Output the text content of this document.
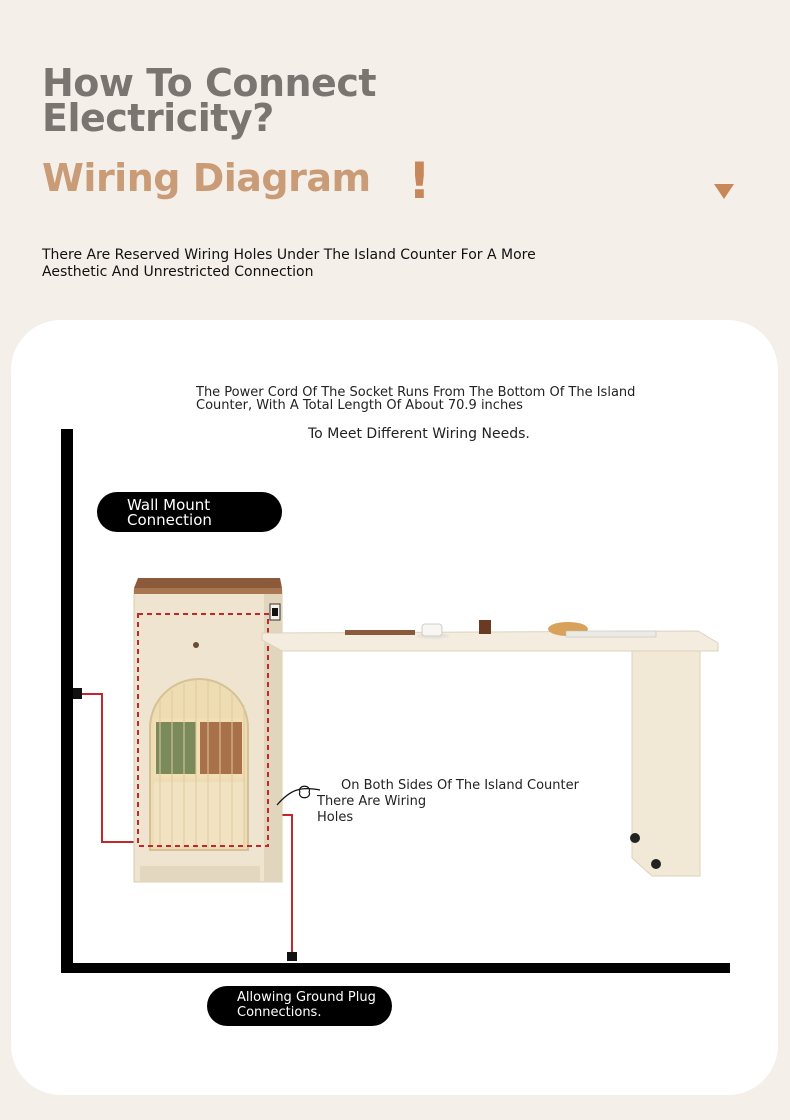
How To Connect Electricity?
Wiring Diagram !

There Are Reserved Wiring Holes Under The Island Counter For A More Aesthetic And Unrestricted Connection

The Power Cord Of The Socket Runs From The Bottom Of The Island Counter, With A Total Length Of About 70.9 inches
To Meet Different Wiring Needs.
Wall Mount Connection
On Both Sides Of The Island Counter
There Are Wiring Holes
Allowing Ground Plug Connections.
